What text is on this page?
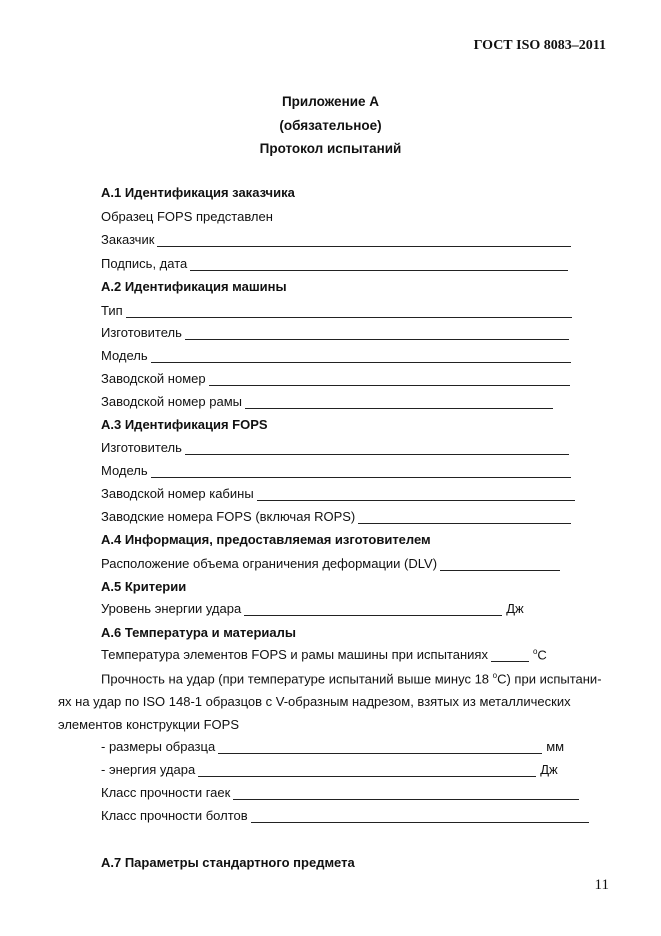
ГОСТ ISO 8083–2011
Приложение А
(обязательное)
Протокол испытаний
А.1 Идентификация заказчика
Образец FOPS представлен
Заказчик
Подпись, дата
А.2 Идентификация машины
Тип
Изготовитель
Модель
Заводской номер
Заводской номер рамы
А.3 Идентификация FOPS
Изготовитель
Модель
Заводской номер кабины
Заводские номера FOPS (включая ROPS)
А.4 Информация, предоставляемая изготовителем
Расположение объема ограничения деформации (DLV)
А.5 Критерии
Уровень энергии удара	Дж
А.6 Температура и материалы
Температура элементов FOPS и рамы машины при испытаниях	$^o$C
Прочность на удар (при температуре испытаний выше минус 18 $^o$C) при испытани-
ях на удар по ISO 148-1 образцов с V-образным надрезом, взятых из металлических
элементов конструкции FOPS
- размеры образца	мм
- энергия удара	Дж
Класс прочности гаек
Класс прочности болтов
А.7 Параметры стандартного предмета
11
